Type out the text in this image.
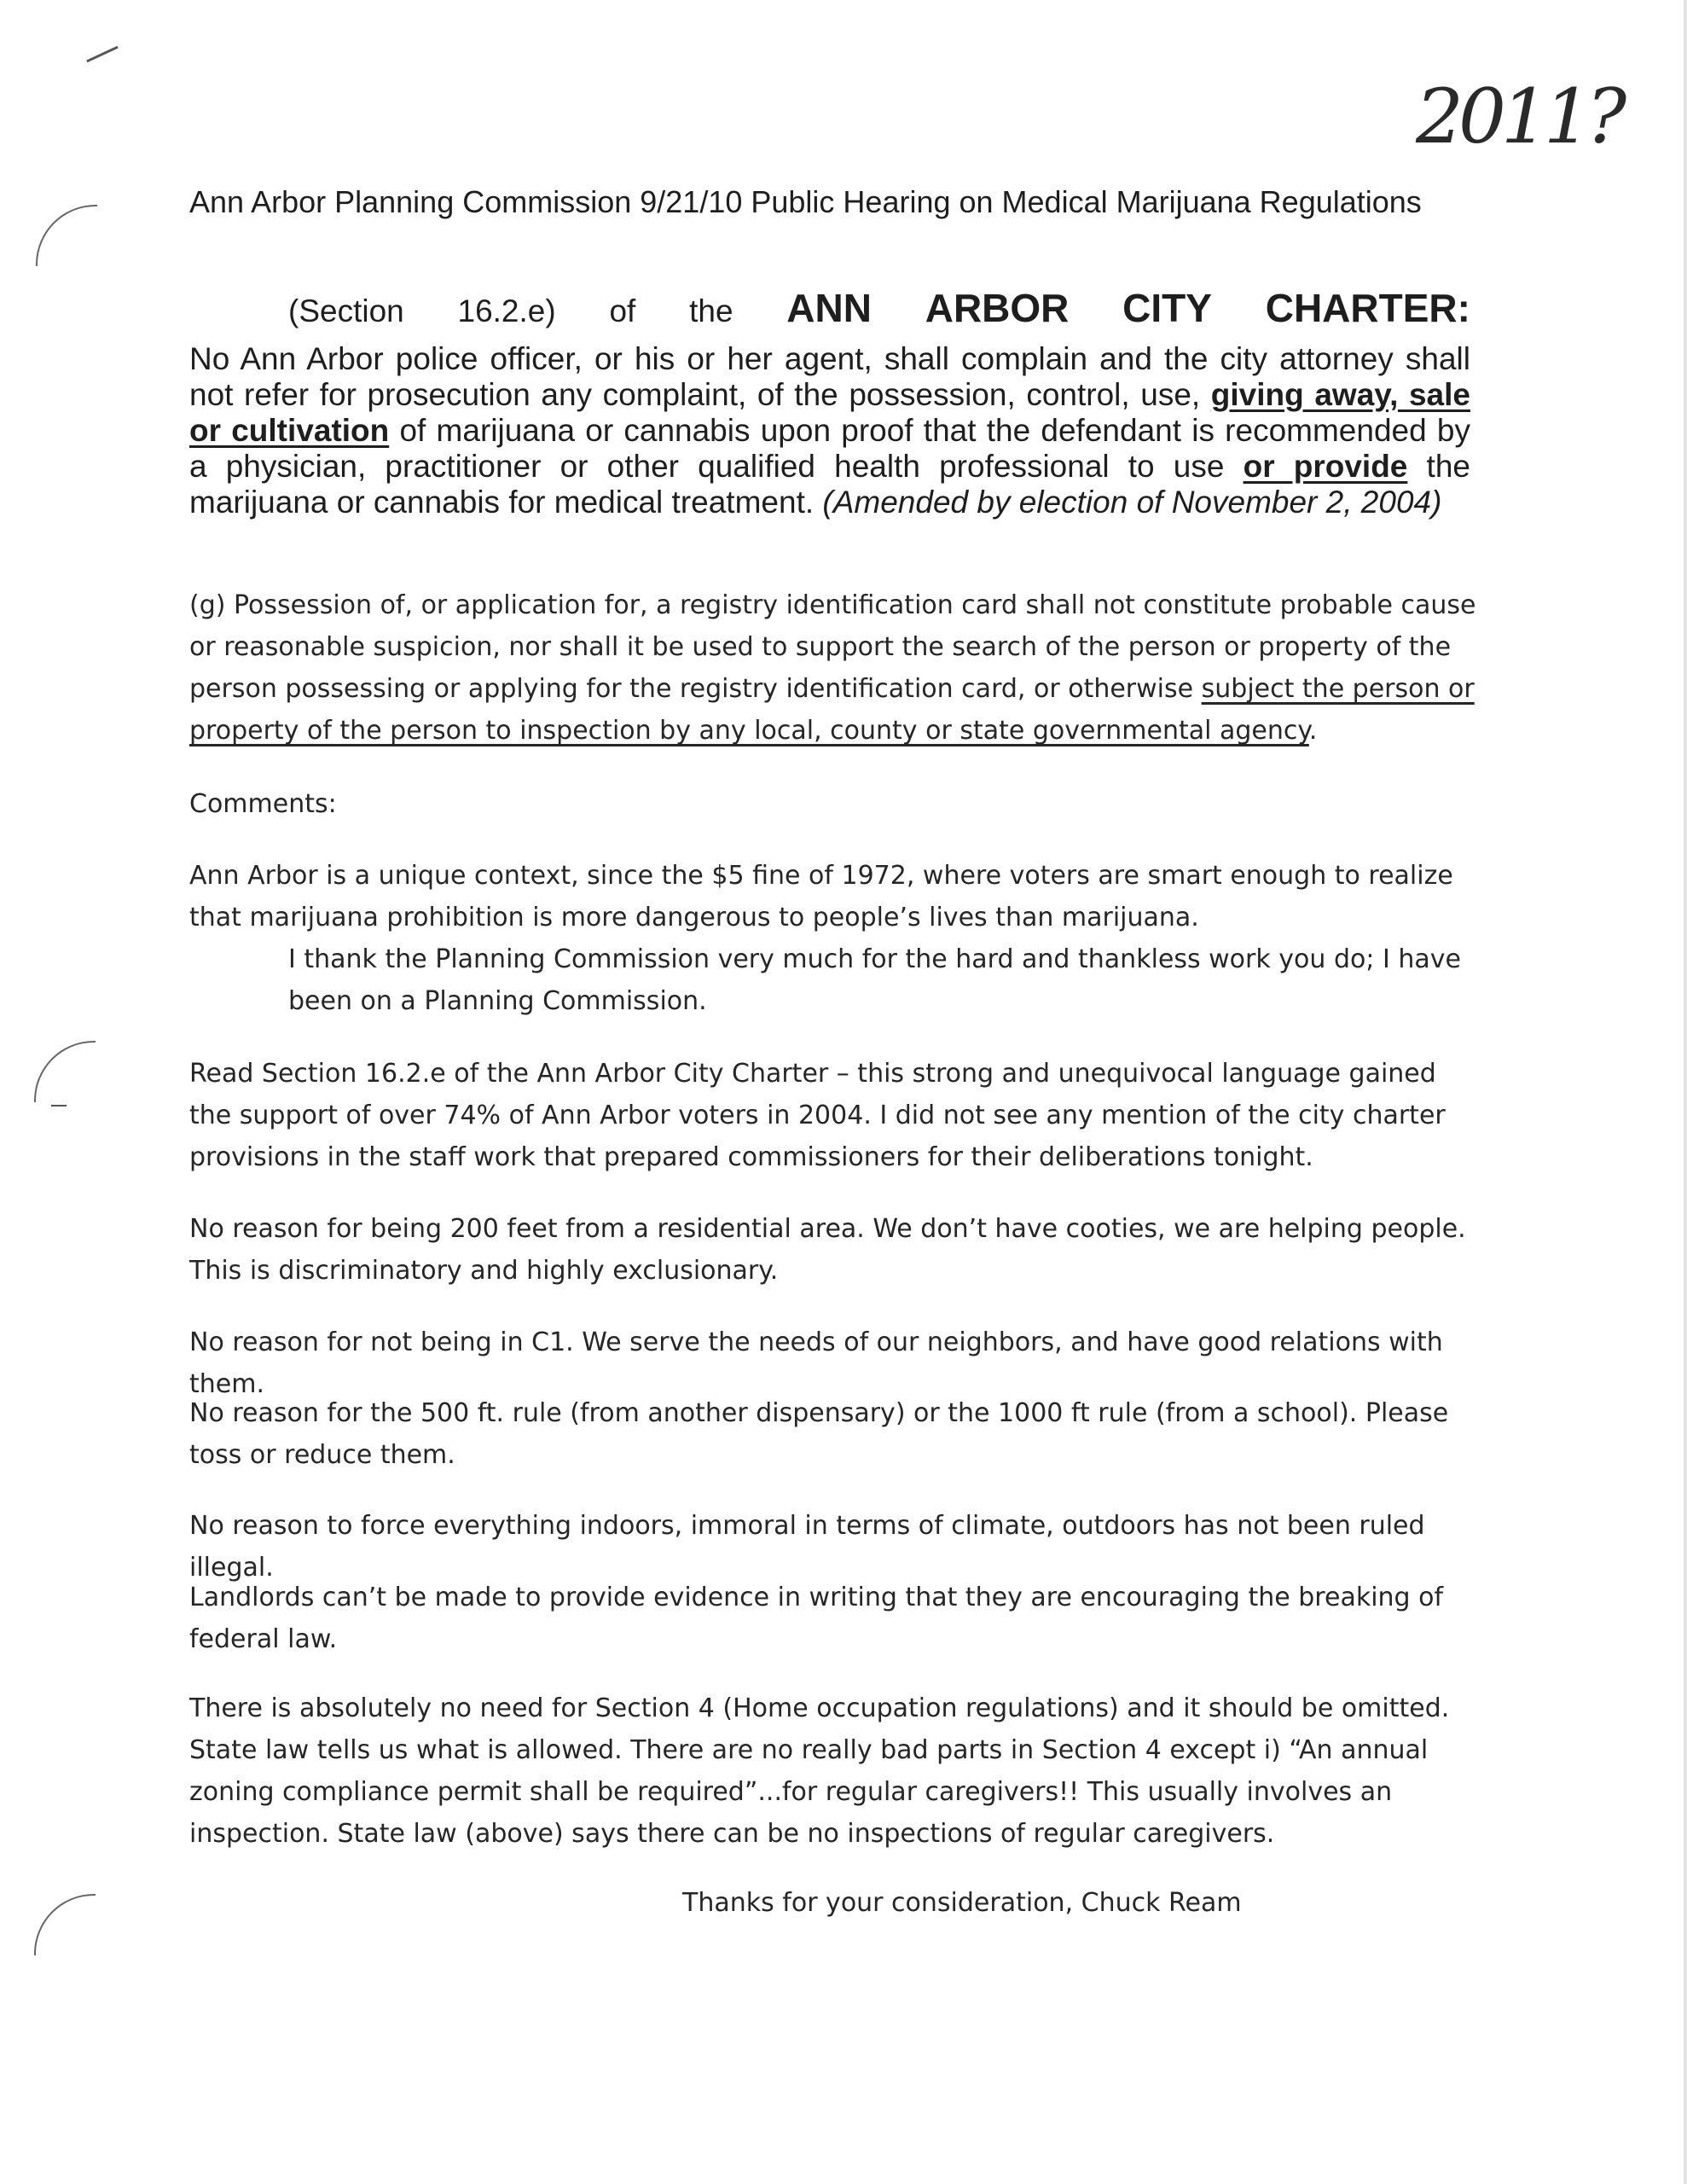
2011?
Ann Arbor Planning Commission 9/21/10 Public Hearing on Medical Marijuana Regulations
(Section 16.2.e) of the ANN ARBOR CITY CHARTER:

No Ann Arbor police officer, or his or her agent, shall complain and the city attorney shall not refer for prosecution any complaint, of the possession, control, use, giving away, sale or cultivation of marijuana or cannabis upon proof that the defendant is recommended by a physician, practitioner or other qualified health professional to use or provide the marijuana or cannabis for medical treatment. (Amended by election of November 2, 2004)

(g) Possession of, or application for, a registry identification card shall not constitute probable cause or reasonable suspicion, nor shall it be used to support the search of the person or property of the person possessing or applying for the registry identification card, or otherwise subject the person or property of the person to inspection by any local, county or state governmental agency.

Comments:

Ann Arbor is a unique context, since the $5 fine of 1972, where voters are smart enough to realize that marijuana prohibition is more dangerous to people’s lives than marijuana.

I thank the Planning Commission very much for the hard and thankless work you do; I have been on a Planning Commission.

Read Section 16.2.e of the Ann Arbor City Charter – this strong and unequivocal language gained the support of over 74% of Ann Arbor voters in 2004. I did not see any mention of the city charter provisions in the staff work that prepared commissioners for their deliberations tonight.
No reason for being 200 feet from a residential area. We don’t have cooties, we are helping people. This is discriminatory and highly exclusionary.
No reason for not being in C1. We serve the needs of our neighbors, and have good relations with them.
No reason for the 500 ft. rule (from another dispensary) or the 1000 ft rule (from a school). Please toss or reduce them.
No reason to force everything indoors, immoral in terms of climate, outdoors has not been ruled illegal.
Landlords can’t be made to provide evidence in writing that they are encouraging the breaking of federal law.
There is absolutely no need for Section 4 (Home occupation regulations) and it should be omitted. State law tells us what is allowed. There are no really bad parts in Section 4 except i) “An annual zoning compliance permit shall be required”...for regular caregivers!! This usually involves an inspection. State law (above) says there can be no inspections of regular caregivers.
Thanks for your consideration, Chuck Ream
